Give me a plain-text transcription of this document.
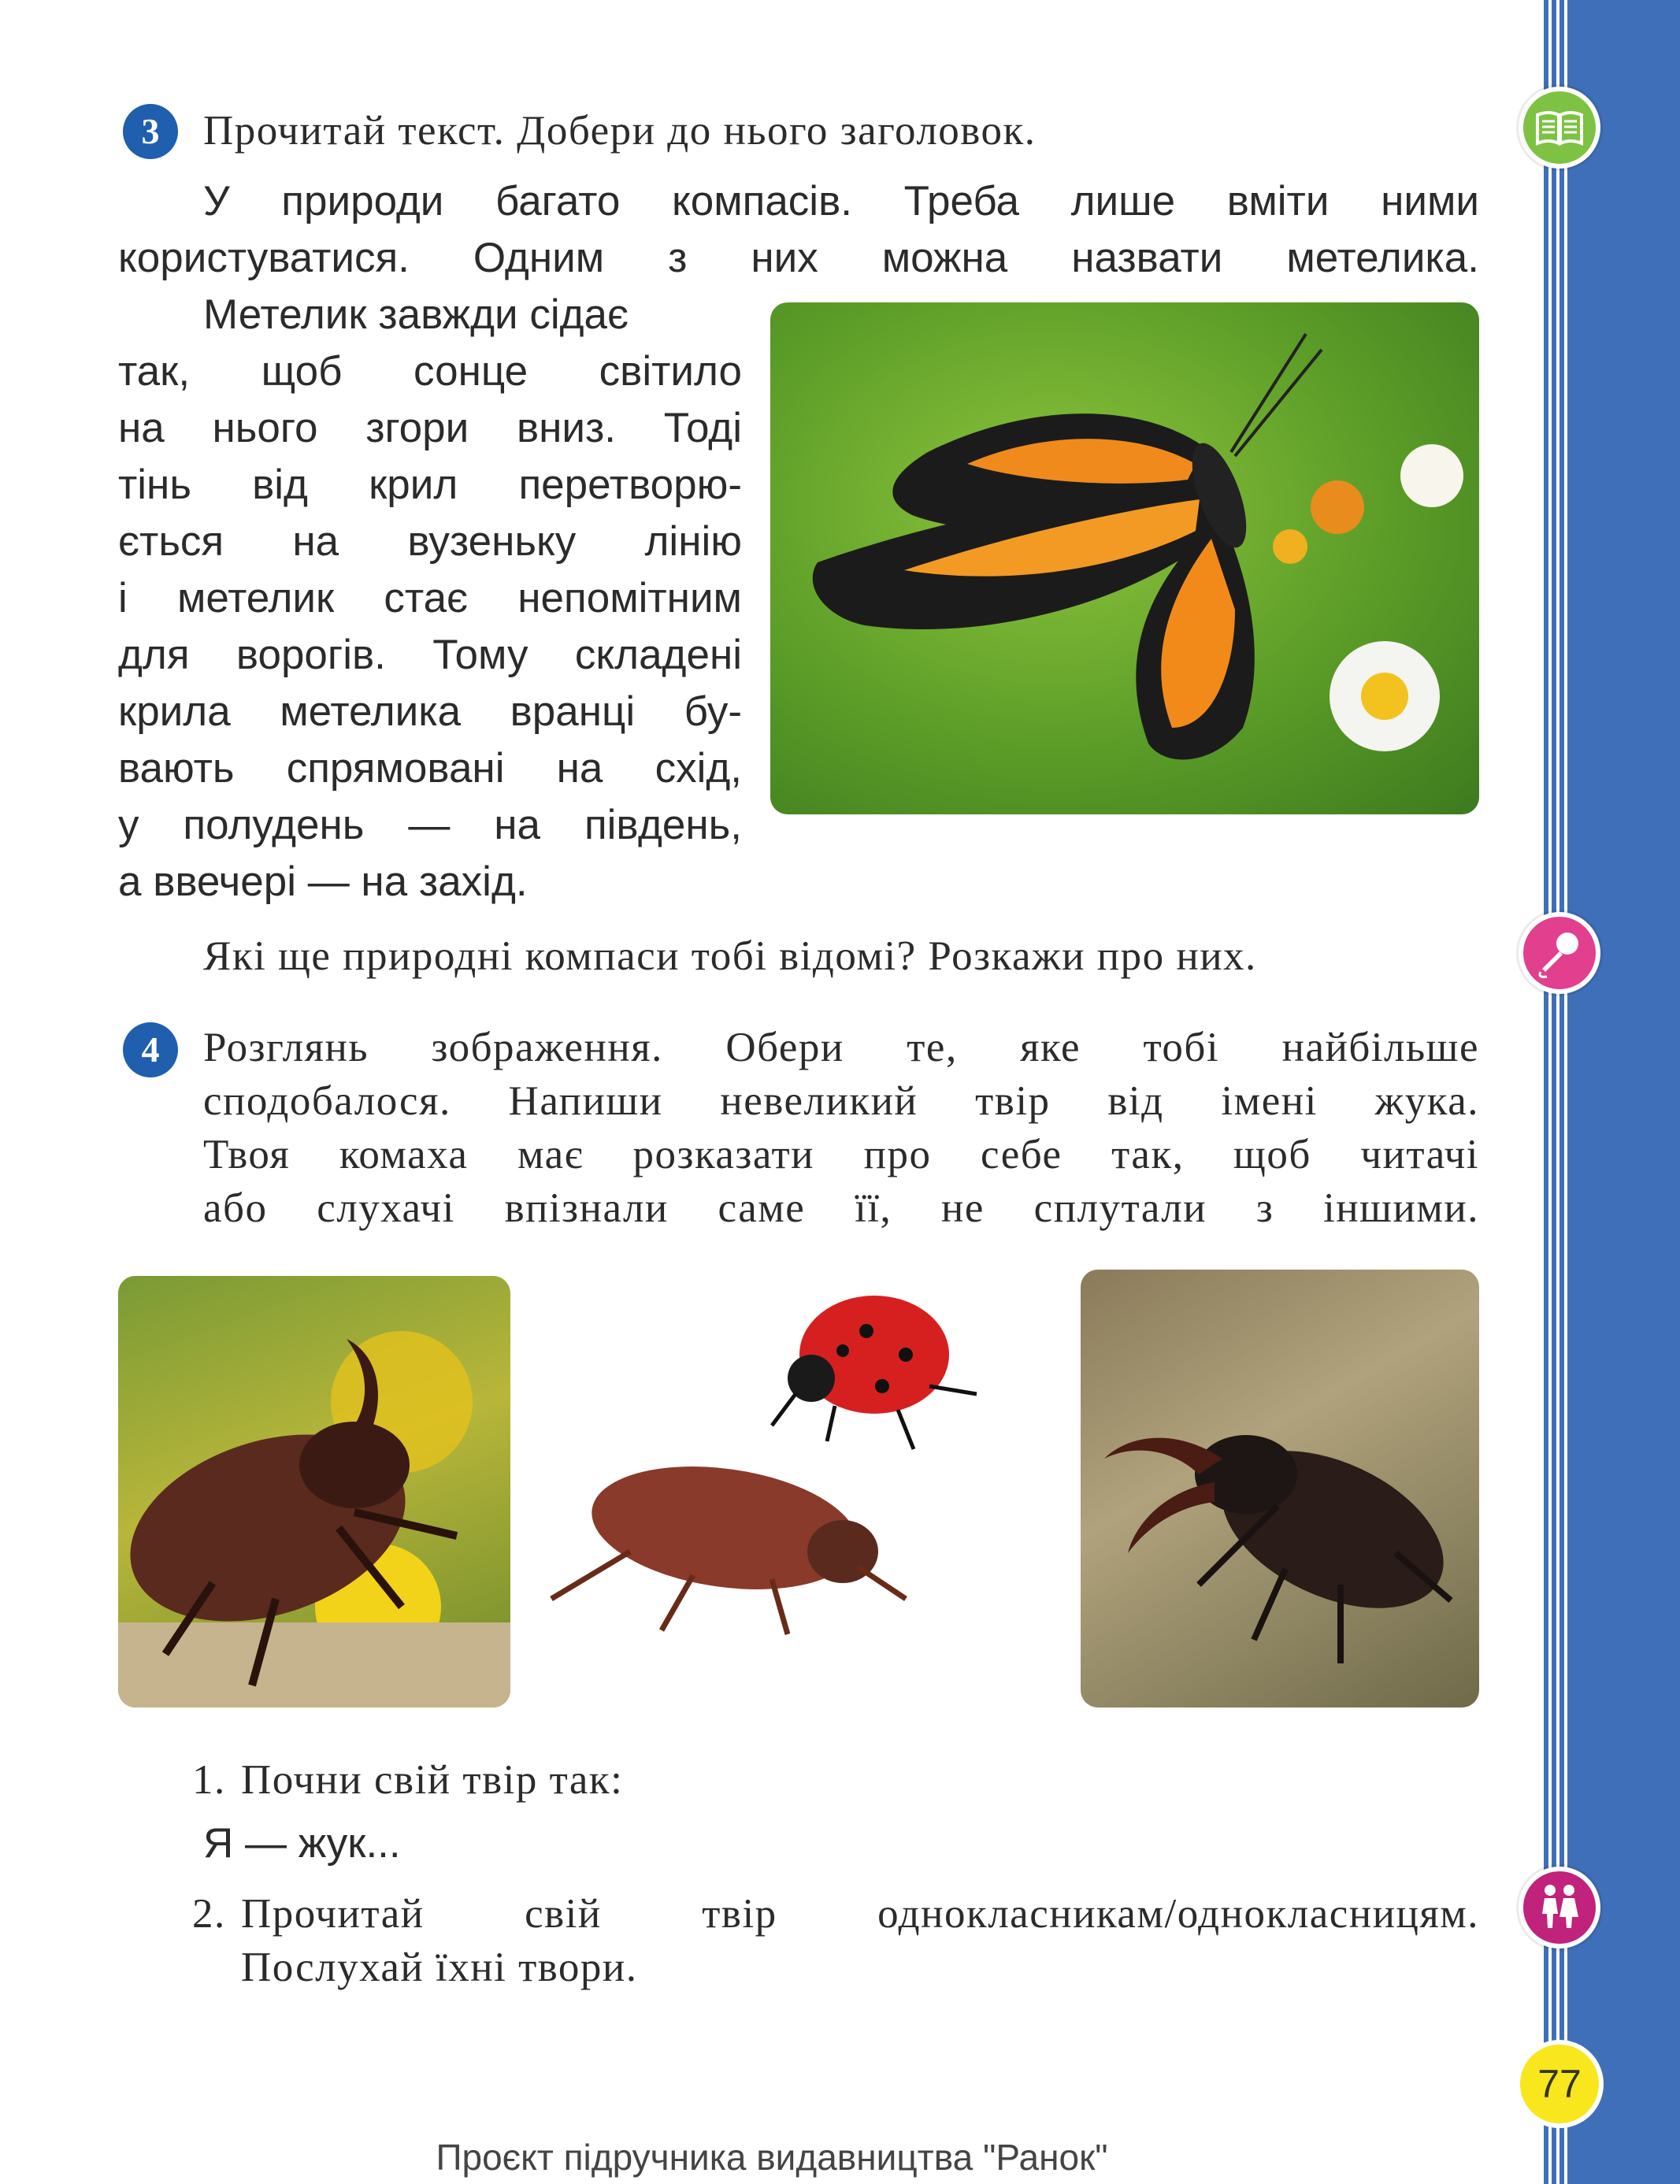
77
3	Прочитай текст. Добери до нього заголовок.
У природи багато компасів. Треба лише вміти ними
користуватися. Одним з них можна назвати метелика.
Метелик завжди сідає
так, щоб сонце світило
на нього згори вниз. Тоді
тінь від крил перетворю-
ється на вузеньку лінію
і метелик стає непомітним
для ворогів. Тому складені
крила метелика вранці бу-
вають спрямовані на схід,
у полудень — на південь,
а ввечері — на захід.
Які ще природні компаси тобі відомі? Розкажи про них.
4	Розглянь зображення. Обери те, яке тобі найбільше
сподобалося. Напиши невеликий твір від імені жука.
Твоя комаха має розказати про себе так, щоб читачі
або слухачі впізнали саме її, не сплутали з іншими.
1. Почни свій твір так:
Я — жук...
2. Прочитай свій твір однокласникам/однокласницям.
Послухай їхні твори.
Проєкт підручника видавництва "Ранок"
